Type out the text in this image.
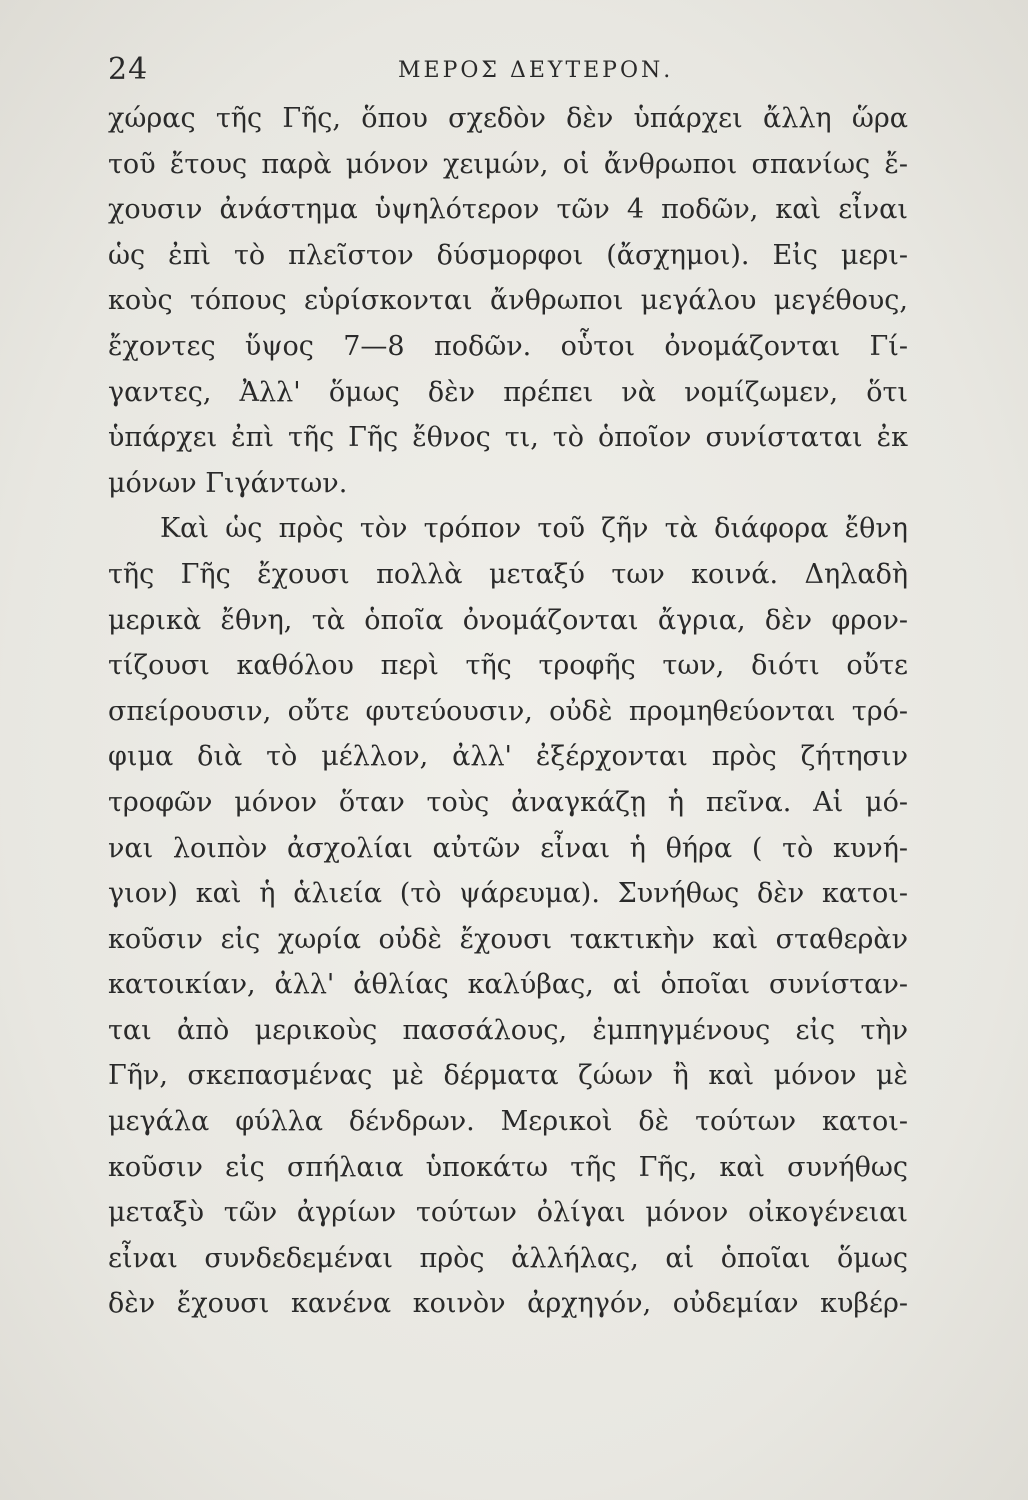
24	ΜΕΡΟΣ ΔΕΥΤΕΡΟΝ.
χώρας τῆς Γῆς, ὅπου σχεδὸν δὲν ὑπάρχει ἄλλη ὥρα
τοῦ ἔτους παρὰ μόνον χειμών, οἱ ἄνθρωποι σπανίως ἔ-
χουσιν ἀνάστημα ὑψηλότερον τῶν 4 ποδῶν, καὶ εἶναι
ὡς ἐπὶ τὸ πλεῖστον δύσμορφοι (ἄσχημοι). Εἰς μερι-
κοὺς τόπους εὑρίσκονται ἄνθρωποι μεγάλου μεγέθους,
ἔχοντες ὕψος 7—8 ποδῶν. οὗτοι ὀνομάζονται Γί-
γαντες, Ἀλλ' ὅμως δὲν πρέπει νὰ νομίζωμεν, ὅτι
ὑπάρχει ἐπὶ τῆς Γῆς ἔθνος τι, τὸ ὁποῖον συνίσταται ἐκ
μόνων Γιγάντων.
Καὶ ὡς πρὸς τὸν τρόπον τοῦ ζῆν τὰ διάφορα ἔθνη
τῆς Γῆς ἔχουσι πολλὰ μεταξύ των κοινά. Δηλαδὴ
μερικὰ ἔθνη, τὰ ὁποῖα ὀνομάζονται ἄγρια, δὲν φρον-
τίζουσι καθόλου περὶ τῆς τροφῆς των, διότι οὔτε
σπείρουσιν, οὔτε φυτεύουσιν, οὐδὲ προμηθεύονται τρό-
φιμα διὰ τὸ μέλλον, ἀλλ' ἐξέρχονται πρὸς ζήτησιν
τροφῶν μόνον ὅταν τοὺς ἀναγκάζῃ ἡ πεῖνα. Αἱ μό-
ναι λοιπὸν ἀσχολίαι αὐτῶν εἶναι ἡ θήρα ( τὸ κυνή-
γιον) καὶ ἡ ἁλιεία (τὸ ψάρευμα). Συνήθως δὲν κατοι-
κοῦσιν εἰς χωρία οὐδὲ ἔχουσι τακτικὴν καὶ σταθερὰν
κατοικίαν, ἀλλ' ἀθλίας καλύβας, αἱ ὁποῖαι συνίσταν-
ται ἀπὸ μερικοὺς πασσάλους, ἐμπηγμένους εἰς τὴν
Γῆν, σκεπασμένας μὲ δέρματα ζώων ἢ καὶ μόνον μὲ
μεγάλα φύλλα δένδρων. Μερικοὶ δὲ τούτων κατοι-
κοῦσιν εἰς σπήλαια ὑποκάτω τῆς Γῆς, καὶ συνήθως
μεταξὺ τῶν ἀγρίων τούτων ὀλίγαι μόνον οἰκογένειαι
εἶναι συνδεδεμέναι πρὸς ἀλλήλας, αἱ ὁποῖαι ὅμως
δὲν ἔχουσι κανένα κοινὸν ἀρχηγόν, οὐδεμίαν κυβέρ-
